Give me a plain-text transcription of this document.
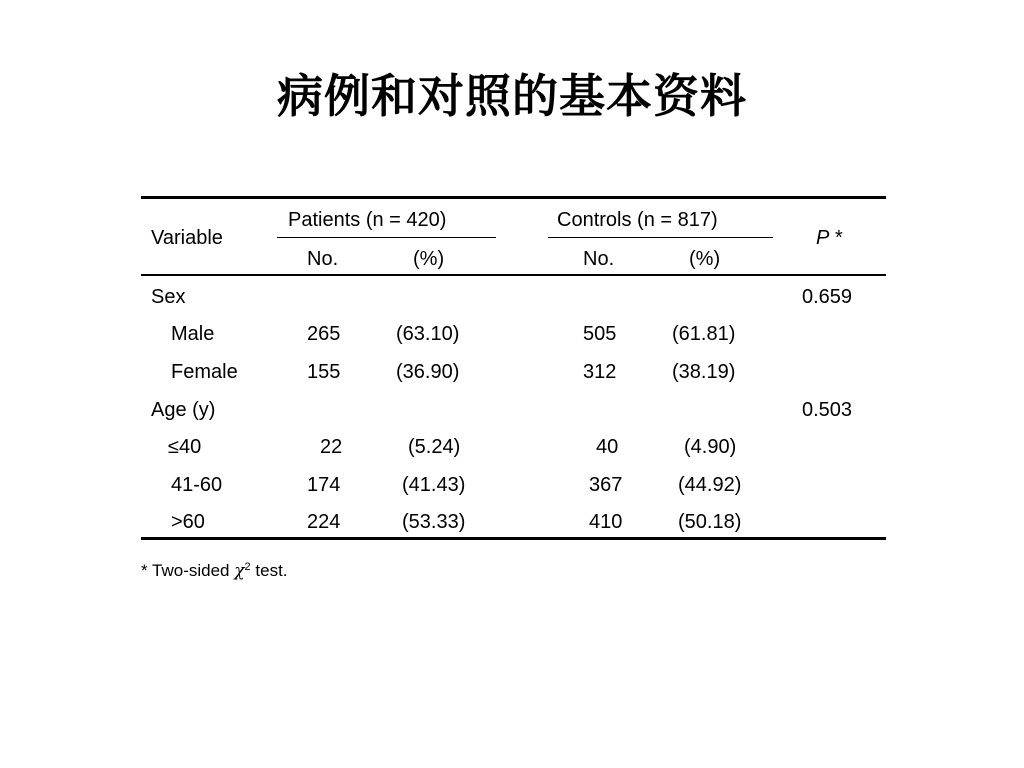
病例和对照的基本资料
Variable
Patients (n = 420)	Controls (n = 817)
P *
No.	(%)	No.	(%)
Sex	0.659
Male	265	(63.10)	505	(61.81)
Female	155	(36.90)	312	(38.19)
Age (y)	0.503
≤40	22	(5.24)	40	(4.90)
41-60	174	(41.43)	367	(44.92)
>60	224	(53.33)	410	(50.18)
* Two-sided $\chi^2$ test.
